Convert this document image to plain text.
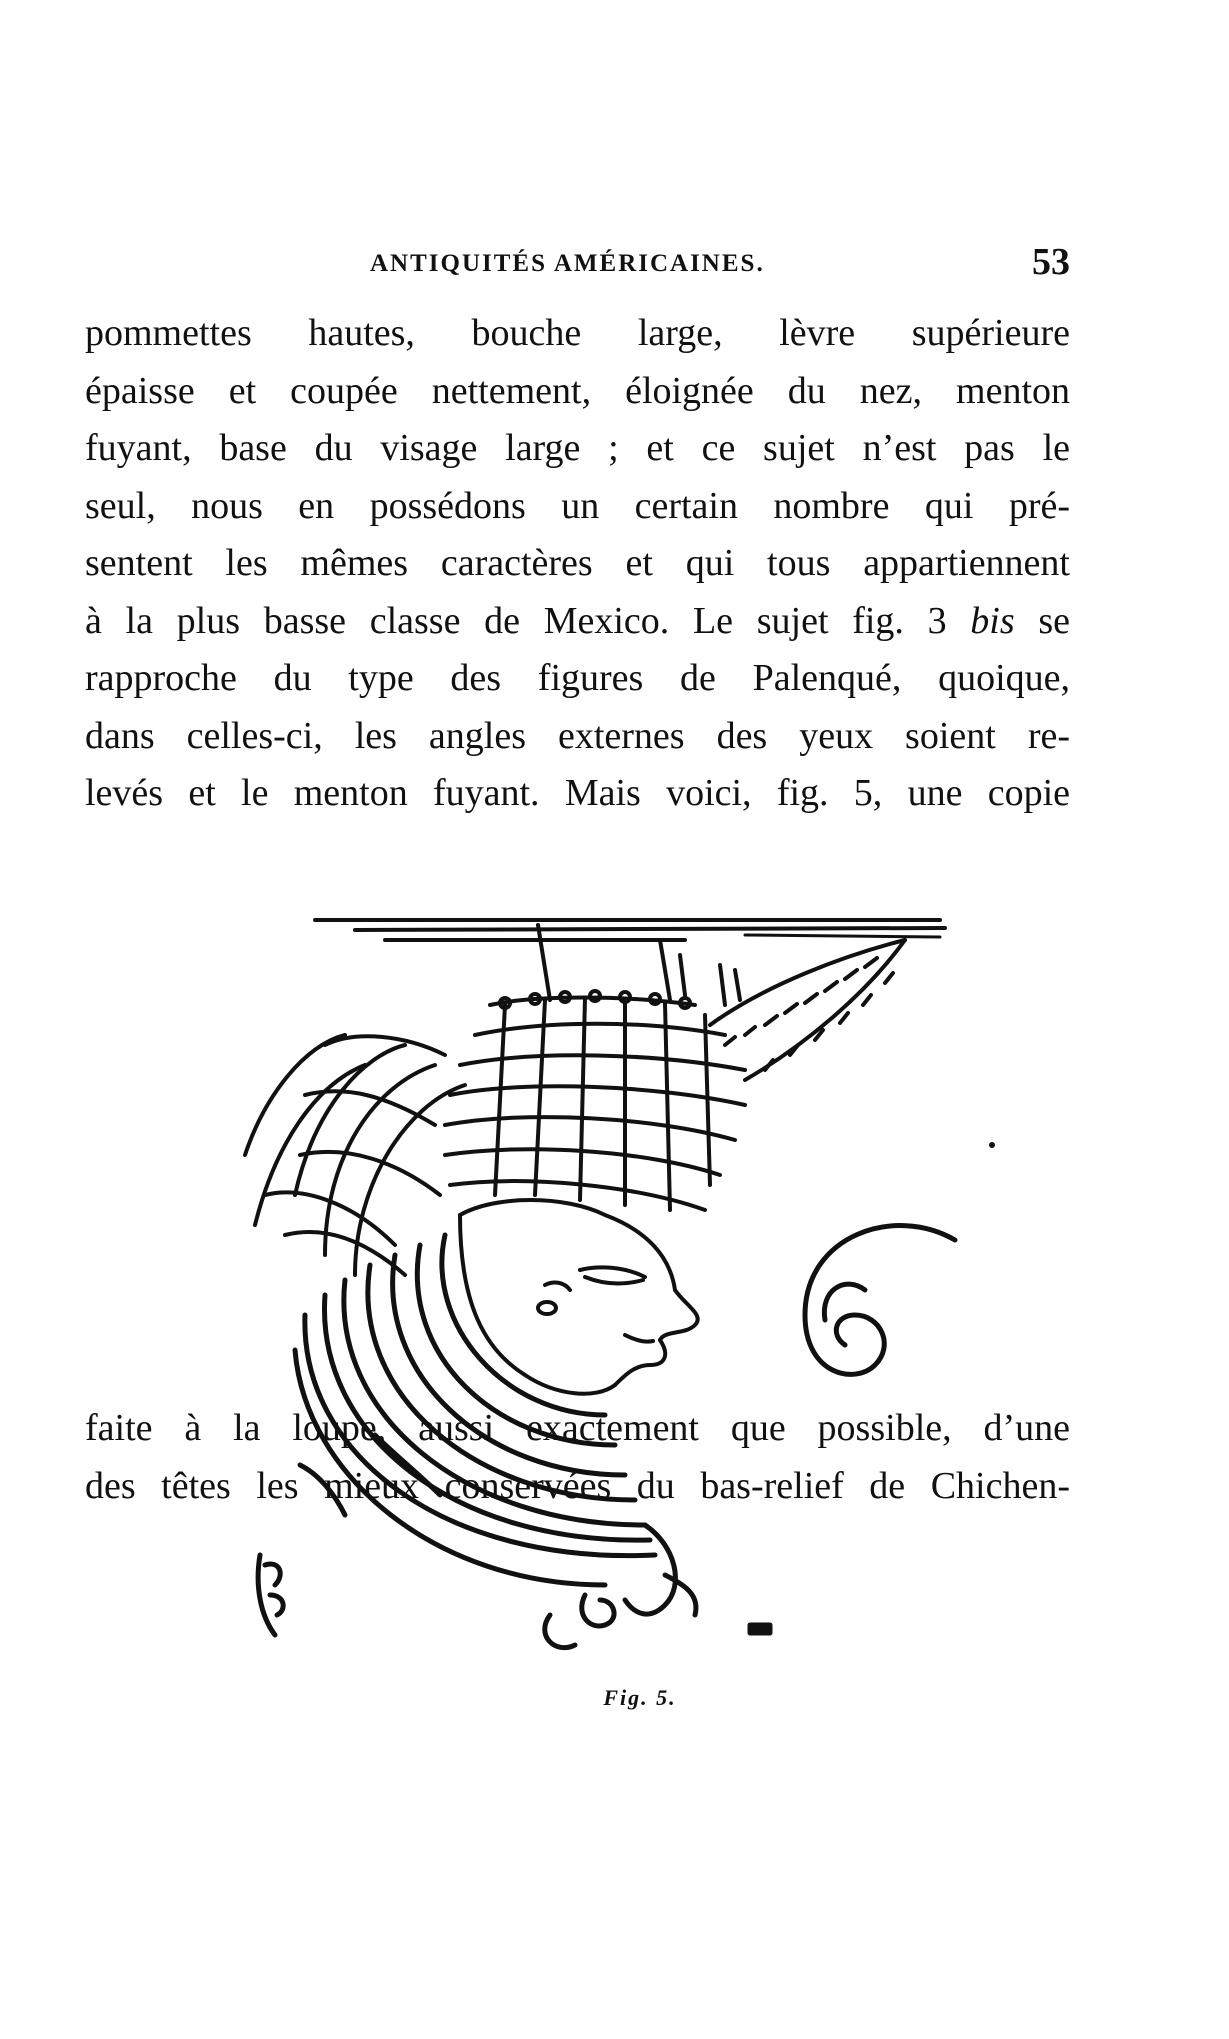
ANTIQUITÉS AMÉRICAINES.	53
pommettes hautes, bouche large, lèvre supérieure
épaisse et coupée nettement, éloignée du nez, menton
fuyant, base du visage large ; et ce sujet n’est pas le
seul, nous en possédons un certain nombre qui pré-
sentent les mêmes caractères et qui tous appartiennent
à la plus basse classe de Mexico. Le sujet fig. 3 bis se
rapproche du type des figures de Palenqué, quoique,
dans celles-ci, les angles externes des yeux soient re-
levés et le menton fuyant. Mais voici, fig. 5, une copie
Fig. 5.
faite à la loupe, aussi exactement que possible, d’une
des têtes les mieux conservées du bas-relief de Chichen-
